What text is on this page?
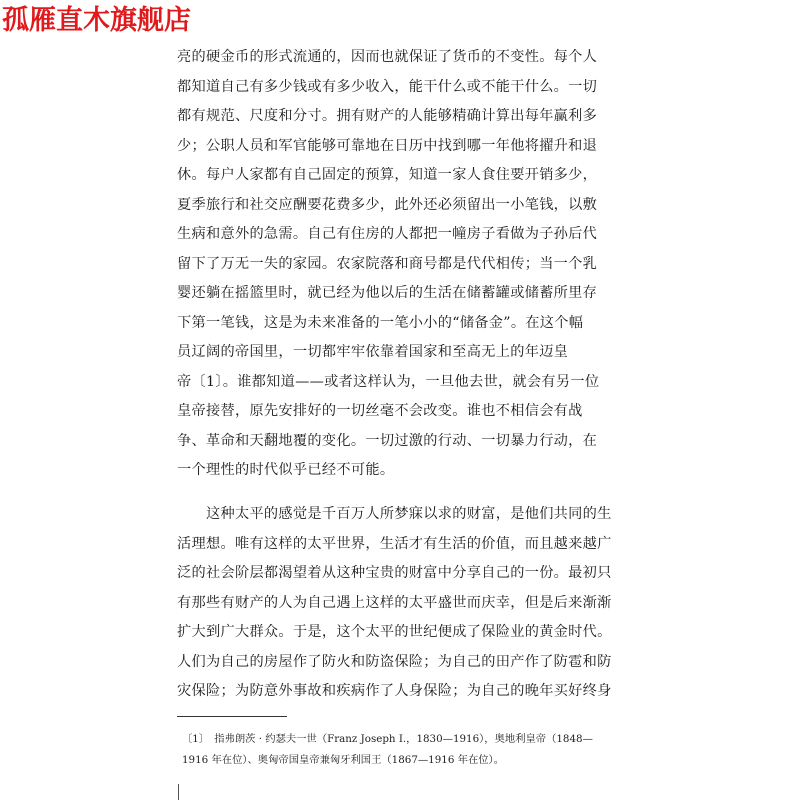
孤雁直木旗舰店
亮的硬金币的形式流通的，因而也就保证了货币的不变性。每个人
都知道自己有多少钱或有多少收入，能干什么或不能干什么。一切
都有规范、尺度和分寸。拥有财产的人能够精确计算出每年赢利多
少；公职人员和军官能够可靠地在日历中找到哪一年他将擢升和退
休。每户人家都有自己固定的预算，知道一家人食住要开销多少，
夏季旅行和社交应酬要花费多少，此外还必须留出一小笔钱，以敷
生病和意外的急需。自己有住房的人都把一幢房子看做为子孙后代
留下了万无一失的家园。农家院落和商号都是代代相传；当一个乳
婴还躺在摇篮里时，就已经为他以后的生活在储蓄罐或储蓄所里存
下第一笔钱，这是为未来准备的一笔小小的“储备金”。在这个幅
员辽阔的帝国里，一切都牢牢依靠着国家和至高无上的年迈皇
帝〔1〕。谁都知道——或者这样认为，一旦他去世，就会有另一位
皇帝接替，原先安排好的一切丝毫不会改变。谁也不相信会有战
争、革命和天翻地覆的变化。一切过激的行动、一切暴力行动，在
一个理性的时代似乎已经不可能。
　　这种太平的感觉是千百万人所梦寐以求的财富，是他们共同的生
活理想。唯有这样的太平世界，生活才有生活的价值，而且越来越广
泛的社会阶层都渴望着从这种宝贵的财富中分享自己的一份。最初只
有那些有财产的人为自己遇上这样的太平盛世而庆幸，但是后来渐渐
扩大到广大群众。于是，这个太平的世纪便成了保险业的黄金时代。
人们为自己的房屋作了防火和防盗保险；为自己的田产作了防雹和防
灾保险；为防意外事故和疾病作了人身保险；为自己的晚年买好终身
〔1〕　指弗朗茨 · 约瑟夫一世（Franz Joseph I.，1830—1916），奥地利皇帝（1848—
1916 年在位）、奥匈帝国皇帝兼匈牙利国王（1867—1916 年在位）。
